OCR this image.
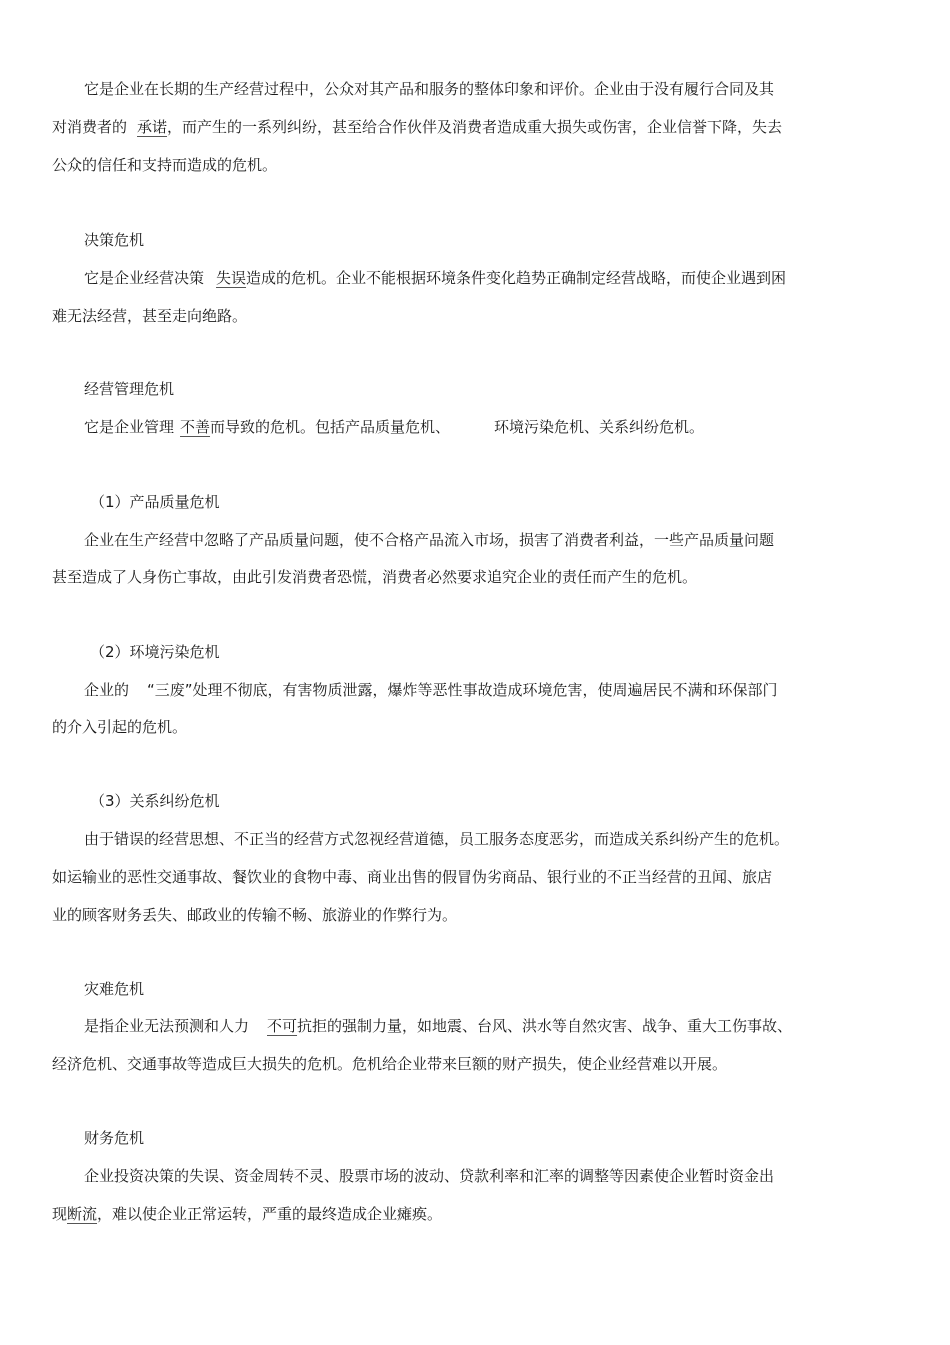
它是企业在长期的生产经营过程中，公众对其产品和服务的整体印象和评价。企业由于没有履行合同及其
对消费者的 承诺，而产生的一系列纠纷，甚至给合作伙伴及消费者造成重大损失或伤害，企业信誉下降，失去
公众的信任和支持而造成的危机。
决策危机
它是企业经营决策 失误造成的危机。企业不能根据环境条件变化趋势正确制定经营战略，而使企业遇到困
难无法经营，甚至走向绝路。
经营管理危机
它是企业管理 不善而导致的危机。包括产品质量危机、	环境污染危机、关系纠纷危机。
（1）产品质量危机
企业在生产经营中忽略了产品质量问题，使不合格产品流入市场，损害了消费者利益，一些产品质量问题
甚至造成了人身伤亡事故，由此引发消费者恐慌，消费者必然要求追究企业的责任而产生的危机。
（2）环境污染危机
企业的 “三废”处理不彻底，有害物质泄露，爆炸等恶性事故造成环境危害，使周遍居民不满和环保部门
的介入引起的危机。
（3）关系纠纷危机
由于错误的经营思想、不正当的经营方式忽视经营道德，员工服务态度恶劣，而造成关系纠纷产生的危机。
如运输业的恶性交通事故、餐饮业的食物中毒、商业出售的假冒伪劣商品、银行业的不正当经营的丑闻、旅店
业的顾客财务丢失、邮政业的传输不畅、旅游业的作弊行为。
灾难危机
是指企业无法预测和人力 不可抗拒的强制力量，如地震、台风、洪水等自然灾害、战争、重大工伤事故、
经济危机、交通事故等造成巨大损失的危机。危机给企业带来巨额的财产损失，使企业经营难以开展。
财务危机
企业投资决策的失误、资金周转不灵、股票市场的波动、贷款利率和汇率的调整等因素使企业暂时资金出
现断流，难以使企业正常运转，严重的最终造成企业瘫痪。
